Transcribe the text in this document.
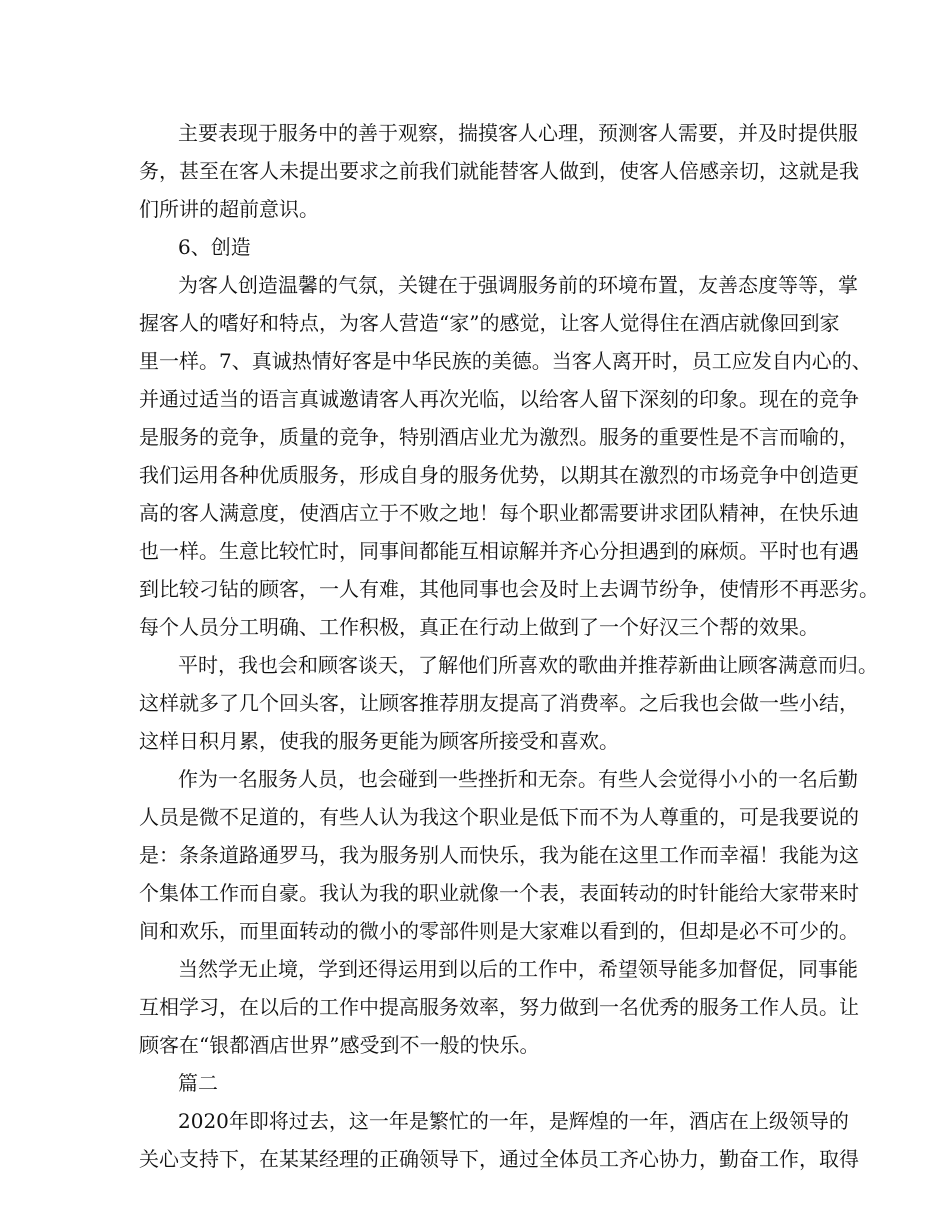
主要表现于服务中的善于观察，揣摸客人心理，预测客人需要，并及时提供服

务，甚至在客人未提出要求之前我们就能替客人做到，使客人倍感亲切，这就是我

们所讲的超前意识。

6、创造

为客人创造温馨的气氛，关键在于强调服务前的环境布置，友善态度等等，掌

握客人的嗜好和特点，为客人营造“家”的感觉，让客人觉得住在酒店就像回到家

里一样。7、真诚热情好客是中华民族的美德。当客人离开时，员工应发自内心的、

并通过适当的语言真诚邀请客人再次光临，以给客人留下深刻的印象。现在的竞争

是服务的竞争，质量的竞争，特别酒店业尤为激烈。服务的重要性是不言而喻的，

我们运用各种优质服务，形成自身的服务优势，以期其在激烈的市场竞争中创造更

高的客人满意度，使酒店立于不败之地！每个职业都需要讲求团队精神，在快乐迪

也一样。生意比较忙时，同事间都能互相谅解并齐心分担遇到的麻烦。平时也有遇

到比较刁钻的顾客，一人有难，其他同事也会及时上去调节纷争，使情形不再恶劣。

每个人员分工明确、工作积极，真正在行动上做到了一个好汉三个帮的效果。

平时，我也会和顾客谈天，了解他们所喜欢的歌曲并推荐新曲让顾客满意而归。

这样就多了几个回头客，让顾客推荐朋友提高了消费率。之后我也会做一些小结，

这样日积月累，使我的服务更能为顾客所接受和喜欢。

作为一名服务人员，也会碰到一些挫折和无奈。有些人会觉得小小的一名后勤

人员是微不足道的，有些人认为我这个职业是低下而不为人尊重的，可是我要说的

是：条条道路通罗马，我为服务别人而快乐，我为能在这里工作而幸福！我能为这

个集体工作而自豪。我认为我的职业就像一个表，表面转动的时针能给大家带来时

间和欢乐，而里面转动的微小的零部件则是大家难以看到的，但却是必不可少的。

当然学无止境，学到还得运用到以后的工作中，希望领导能多加督促，同事能

互相学习，在以后的工作中提高服务效率，努力做到一名优秀的服务工作人员。让

顾客在“银都酒店世界”感受到不一般的快乐。

篇二

2020年即将过去，这一年是繁忙的一年，是辉煌的一年，酒店在上级领导的

关心支持下，在某某经理的正确领导下，通过全体员工齐心协力，勤奋工作，取得
